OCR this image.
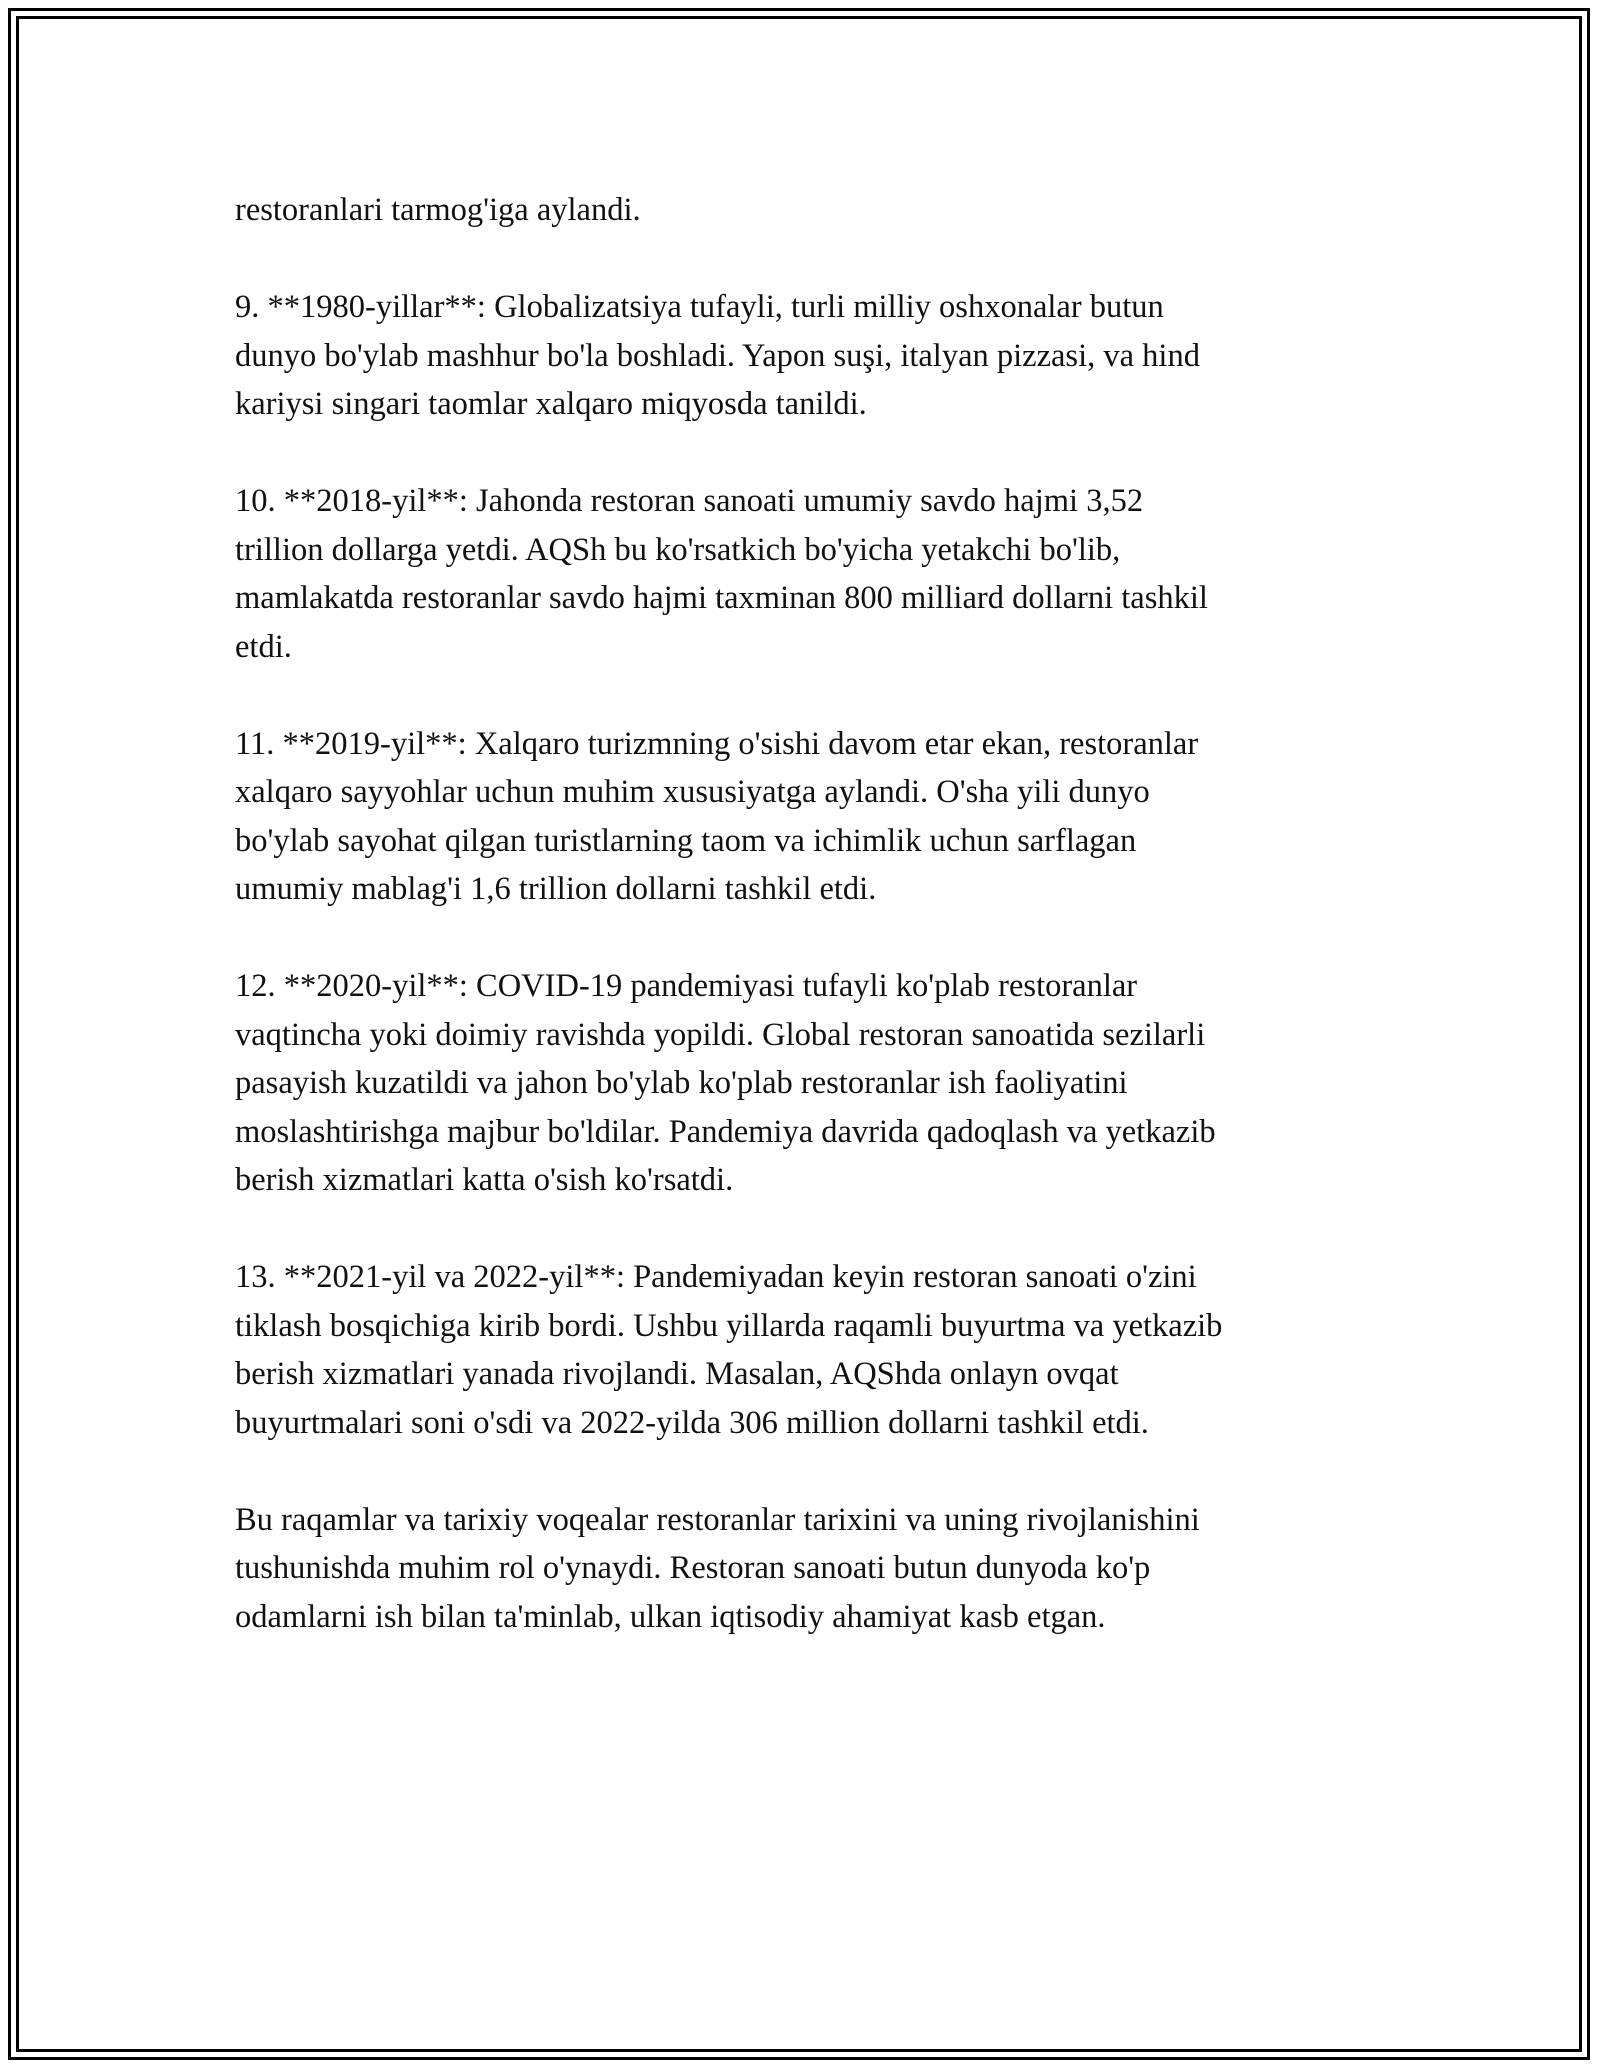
restoranlari tarmog'iga aylandi.

9. **1980-yillar**: Globalizatsiya tufayli, turli milliy oshxonalar butun
dunyo bo'ylab mashhur bo'la boshladi. Yapon suşi, italyan pizzasi, va hind
kariysi singari taomlar xalqaro miqyosda tanildi.

10. **2018-yil**: Jahonda restoran sanoati umumiy savdo hajmi 3,52
trillion dollarga yetdi. AQSh bu ko'rsatkich bo'yicha yetakchi bo'lib,
mamlakatda restoranlar savdo hajmi taxminan 800 milliard dollarni tashkil
etdi.

11. **2019-yil**: Xalqaro turizmning o'sishi davom etar ekan, restoranlar
xalqaro sayyohlar uchun muhim xususiyatga aylandi. O'sha yili dunyo
bo'ylab sayohat qilgan turistlarning taom va ichimlik uchun sarflagan
umumiy mablag'i 1,6 trillion dollarni tashkil etdi.

12. **2020-yil**: COVID-19 pandemiyasi tufayli ko'plab restoranlar
vaqtincha yoki doimiy ravishda yopildi. Global restoran sanoatida sezilarli
pasayish kuzatildi va jahon bo'ylab ko'plab restoranlar ish faoliyatini
moslashtirishga majbur bo'ldilar. Pandemiya davrida qadoqlash va yetkazib
berish xizmatlari katta o'sish ko'rsatdi.

13. **2021-yil va 2022-yil**: Pandemiyadan keyin restoran sanoati o'zini
tiklash bosqichiga kirib bordi. Ushbu yillarda raqamli buyurtma va yetkazib
berish xizmatlari yanada rivojlandi. Masalan, AQShda onlayn ovqat
buyurtmalari soni o'sdi va 2022-yilda 306 million dollarni tashkil etdi.

Bu raqamlar va tarixiy voqealar restoranlar tarixini va uning rivojlanishini
tushunishda muhim rol o'ynaydi. Restoran sanoati butun dunyoda ko'p
odamlarni ish bilan ta'minlab, ulkan iqtisodiy ahamiyat kasb etgan.
